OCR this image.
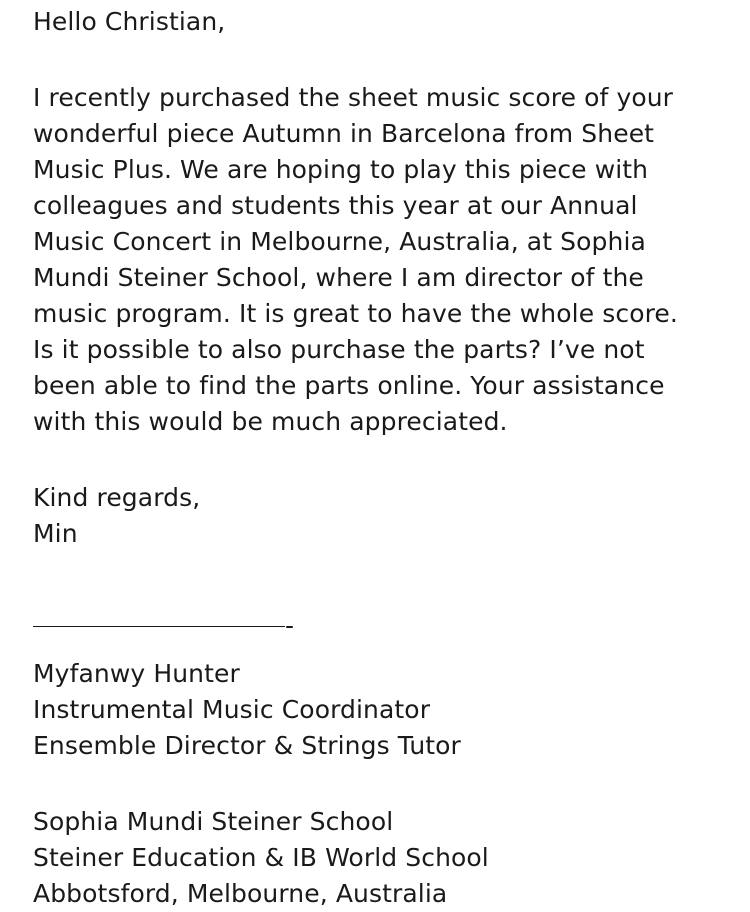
Hello Christian,
I recently purchased the sheet music score of your
wonderful piece Autumn in Barcelona from Sheet
Music Plus. We are hoping to play this piece with
colleagues and students this year at our Annual
Music Concert in Melbourne, Australia, at Sophia
Mundi Steiner School, where I am director of the
music program. It is great to have the whole score.
Is it possible to also purchase the parts? I’ve not
been able to find the parts online. Your assistance
with this would be much appreciated.
Kind regards,
Min
-
Myfanwy Hunter
Instrumental Music Coordinator
Ensemble Director & Strings Tutor
Sophia Mundi Steiner School
Steiner Education & IB World School
Abbotsford, Melbourne, Australia
